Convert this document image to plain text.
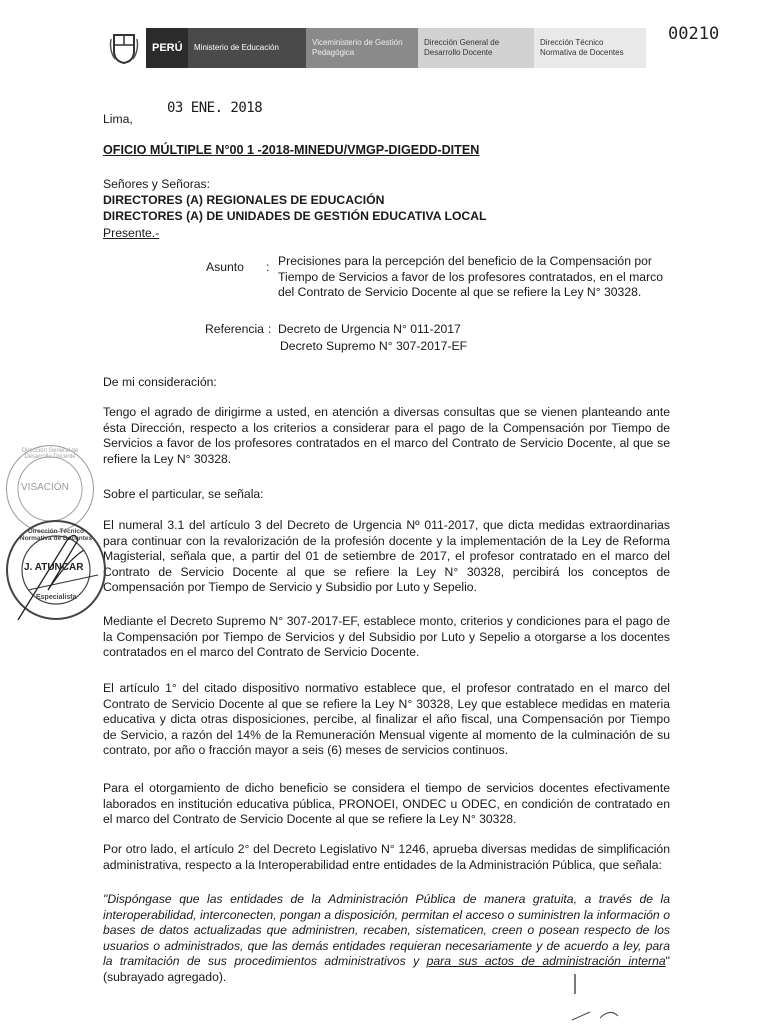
PERÚ	Ministerio de Educación
Viceministerio de Gestión Pedagógica
Dirección General de Desarrollo Docente
Dirección Técnico Normativa de Docentes
00210
Lima,
03 ENE. 2018
OFICIO MÚLTIPLE N°00 1 -2018-MINEDU/VMGP-DIGEDD-DITEN
Señores y Señoras:
DIRECTORES (A) REGIONALES DE EDUCACIÓN
DIRECTORES (A) DE UNIDADES DE GESTIÓN EDUCATIVA LOCAL
Presente.-
Asunto : Precisiones para la percepción del beneficio de la Compensación por Tiempo de Servicios a favor de los profesores contratados, en el marco del Contrato de Servicio Docente al que se refiere la Ley N° 30328.
Referencia : Decreto de Urgencia N° 011-2017
Decreto Supremo N° 307-2017-EF
De mi consideración:
Tengo el agrado de dirigirme a usted, en atención a diversas consultas que se vienen planteando ante ésta Dirección, respecto a los criterios a considerar para el pago de la Compensación por Tiempo de Servicios a favor de los profesores contratados en el marco del Contrato de Servicio Docente, al que se refiere la Ley N° 30328.
Sobre el particular, se señala:
El numeral 3.1 del artículo 3 del Decreto de Urgencia Nº 011-2017, que dicta medidas extraordinarias para continuar con la revalorización de la profesión docente y la implementación de la Ley de Reforma Magisterial, señala que, a partir del 01 de setiembre de 2017, el profesor contratado en el marco del Contrato de Servicio Docente al que se refiere la Ley N° 30328, percibirá los conceptos de Compensación por Tiempo de Servicio y Subsidio por Luto y Sepelio.
Mediante el Decreto Supremo N° 307-2017-EF, establece monto, criterios y condiciones para el pago de la Compensación por Tiempo de Servicios y del Subsidio por Luto y Sepelio a otorgarse a los docentes contratados en el marco del Contrato de Servicio Docente.
El artículo 1° del citado dispositivo normativo establece que, el profesor contratado en el marco del Contrato de Servicio Docente al que se refiere la Ley N° 30328, Ley que establece medidas en materia educativa y dicta otras disposiciones, percibe, al finalizar el año fiscal, una Compensación por Tiempo de Servicio, a razón del 14% de la Remuneración Mensual vigente al momento de la culminación de su contrato, por año o fracción mayor a seis (6) meses de servicios continuos.
Para el otorgamiento de dicho beneficio se considera el tiempo de servicios docentes efectivamente laborados en institución educativa pública, PRONOEI, ONDEC u ODEC, en condición de contratado en el marco del Contrato de Servicio Docente al que se refiere la Ley N° 30328.
Por otro lado, el artículo 2° del Decreto Legislativo N° 1246, aprueba diversas medidas de simplificación administrativa, respecto a la Interoperabilidad entre entidades de la Administración Pública, que señala:
"Dispóngase que las entidades de la Administración Pública de manera gratuita, a través de la interoperabilidad, interconecten, pongan a disposición, permitan el acceso o suministren la información o bases de datos actualizadas que administren, recaben, sistematicen, creen o posean respecto de los usuarios o administrados, que las demás entidades requieran necesariamente y de acuerdo a ley, para la tramitación de sus procedimientos administrativos y para sus actos de administración interna" (subrayado agregado).
Dirección General de Desarrollo Docente
VISACIÓN
Dirección Técnico Normativa de Docentes
J. ATUNCAR
Especialista
